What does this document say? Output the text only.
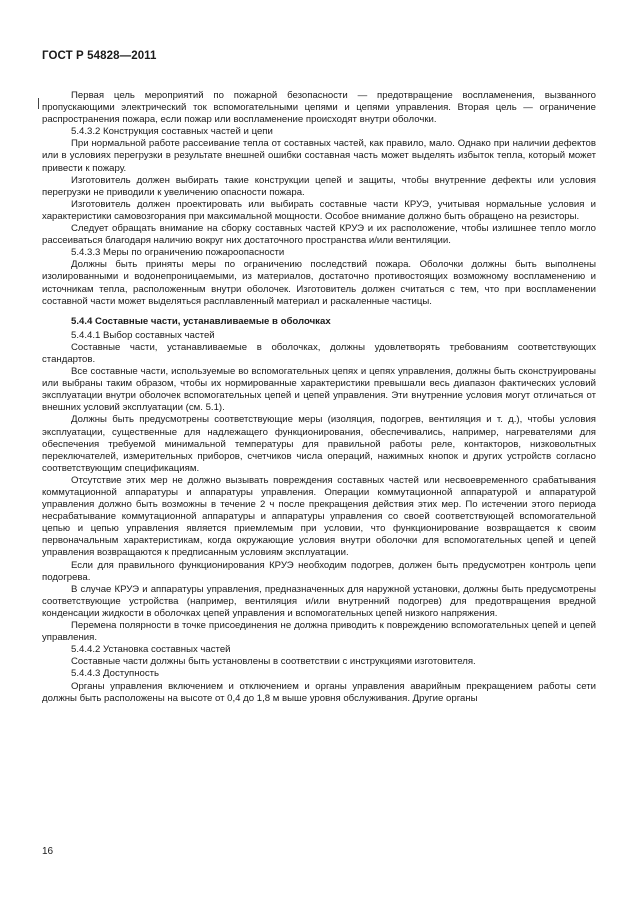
ГОСТ Р 54828—2011

Первая цель мероприятий по пожарной безопасности — предотвращение воспламенения, вызванного пропускающими электрический ток вспомогательными цепями и цепями управления. Вторая цель — ограничение распространения пожара, если пожар или воспламенение происходят внутри оболочки.

5.4.3.2 Конструкция составных частей и цепи

При нормальной работе рассеивание тепла от составных частей, как правило, мало. Однако при наличии дефектов или в условиях перегрузки в результате внешней ошибки составная часть может выделять избыток тепла, который может привести к пожару.

Изготовитель должен выбирать такие конструкции цепей и защиты, чтобы внутренние дефекты или условия перегрузки не приводили к увеличению опасности пожара.

Изготовитель должен проектировать или выбирать составные части КРУЭ, учитывая нормальные условия и характеристики самовозгорания при максимальной мощности. Особое внимание должно быть обращено на резисторы.

Следует обращать внимание на сборку составных частей КРУЭ и их расположение, чтобы излишнее тепло могло рассеиваться благодаря наличию вокруг них достаточного пространства и/или вентиляции.

5.4.3.3 Меры по ограничению пожароопасности

Должны быть приняты меры по ограничению последствий пожара. Оболочки должны быть выполнены изолированными и водонепроницаемыми, из материалов, достаточно противостоящих возможному воспламенению и источникам тепла, расположенным внутри оболочек. Изготовитель должен считаться с тем, что при воспламенении составной части может выделяться расплавленный материал и раскаленные частицы.

5.4.4 Составные части, устанавливаемые в оболочках

5.4.4.1 Выбор составных частей

Составные части, устанавливаемые в оболочках, должны удовлетворять требованиям соответствующих стандартов.

Все составные части, используемые во вспомогательных цепях и цепях управления, должны быть сконструированы или выбраны таким образом, чтобы их нормированные характеристики превышали весь диапазон фактических условий эксплуатации внутри оболочек вспомогательных цепей и цепей управления. Эти внутренние условия могут отличаться от внешних условий эксплуатации (см. 5.1).

Должны быть предусмотрены соответствующие меры (изоляция, подогрев, вентиляция и т. д.), чтобы условия эксплуатации, существенные для надлежащего функционирования, обеспечивались, например, нагревателями для обеспечения требуемой минимальной температуры для правильной работы реле, контакторов, низковольтных переключателей, измерительных приборов, счетчиков числа операций, нажимных кнопок и других устройств согласно соответствующим спецификациям.

Отсутствие этих мер не должно вызывать повреждения составных частей или несвоевременного срабатывания коммутационной аппаратуры и аппаратуры управления. Операции коммутационной аппаратурой и аппаратурой управления должно быть возможны в течение 2 ч после прекращения действия этих мер. По истечении этого периода несрабатывание коммутационной аппаратуры и аппаратуры управления со своей соответствующей вспомогательной цепью и цепью управления является приемлемым при условии, что функционирование возвращается к своим первоначальным характеристикам, когда окружающие условия внутри оболочки для вспомогательных цепей и цепей управления возвращаются к предписанным условиям эксплуатации.

Если для правильного функционирования КРУЭ необходим подогрев, должен быть предусмотрен контроль цепи подогрева.

В случае КРУЭ и аппаратуры управления, предназначенных для наружной установки, должны быть предусмотрены соответствующие устройства (например, вентиляция и/или внутренний подогрев) для предотвращения вредной конденсации жидкости в оболочках цепей управления и вспомогательных цепей низкого напряжения.

Перемена полярности в точке присоединения не должна приводить к повреждению вспомогательных цепей и цепей управления.

5.4.4.2 Установка составных частей

Составные части должны быть установлены в соответствии с инструкциями изготовителя.

5.4.4.3 Доступность

Органы управления включением и отключением и органы управления аварийным прекращением работы сети должны быть расположены на высоте от 0,4 до 1,8 м выше уровня обслуживания. Другие органы

16
